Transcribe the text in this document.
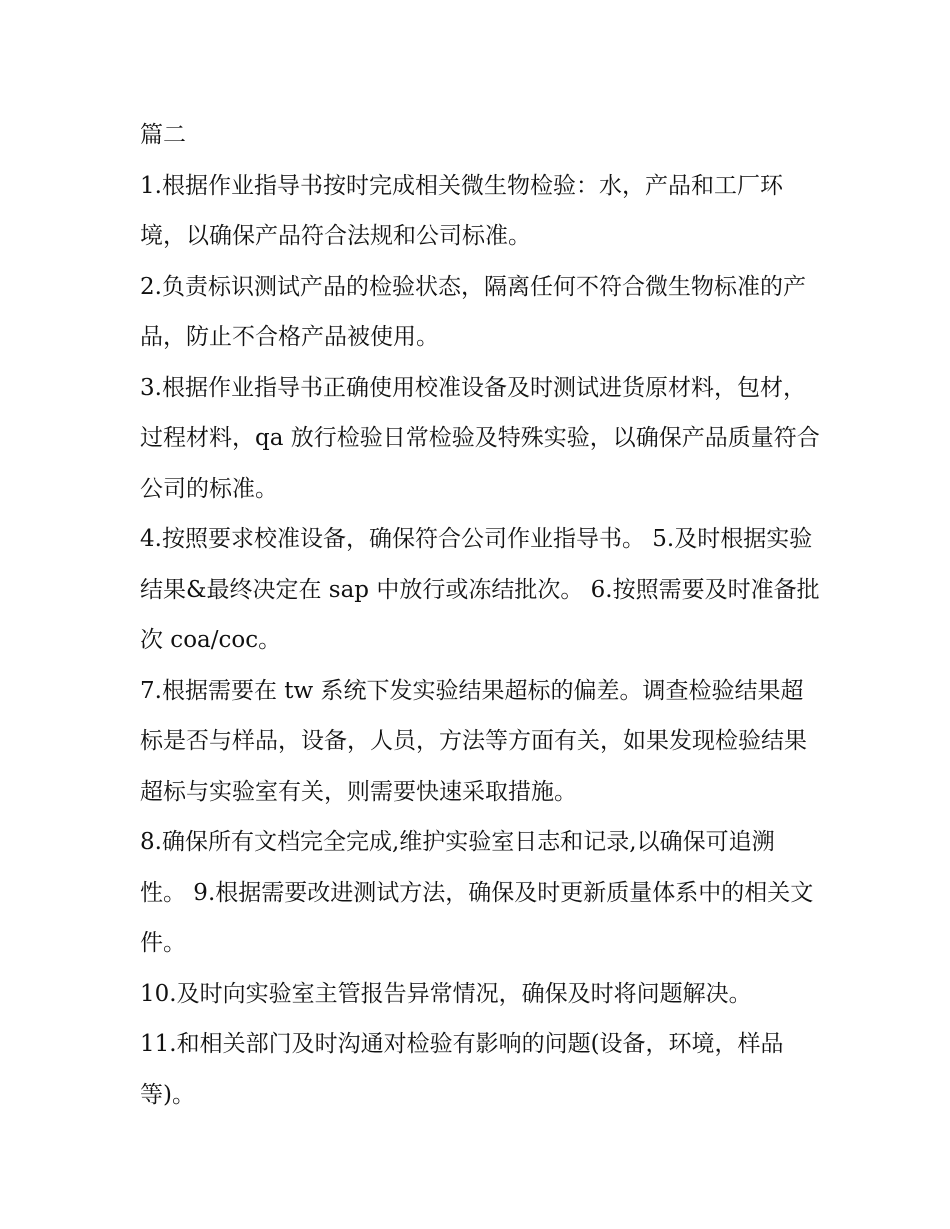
篇二

1.根据作业指导书按时完成相关微生物检验：水，产品和工厂环境，以确保产品符合法规和公司标准。

2.负责标识测试产品的检验状态，隔离任何不符合微生物标准的产品，防止不合格产品被使用。

3.根据作业指导书正确使用校准设备及时测试进货原材料，包材，过程材料，qa 放行检验日常检验及特殊实验，以确保产品质量符合公司的标准。

4.按照要求校准设备，确保符合公司作业指导书。 5.及时根据实验结果&最终决定在 sap 中放行或冻结批次。 6.按照需要及时准备批次 coa/coc。

7.根据需要在 tw 系统下发实验结果超标的偏差。调查检验结果超标是否与样品，设备，人员，方法等方面有关，如果发现检验结果超标与实验室有关，则需要快速采取措施。

8.确保所有文档完全完成,维护实验室日志和记录,以确保可追溯性。 9.根据需要改进测试方法，确保及时更新质量体系中的相关文件。

10.及时向实验室主管报告异常情况，确保及时将问题解决。

11.和相关部门及时沟通对检验有影响的问题(设备，环境，样品等)。
